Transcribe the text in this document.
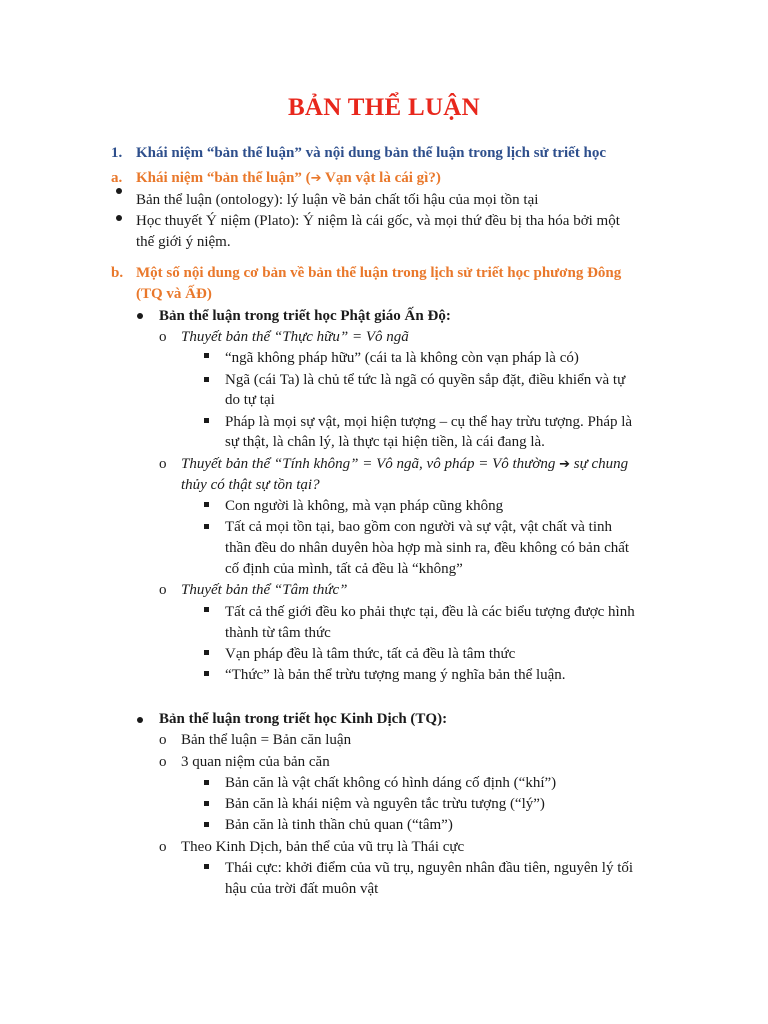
BẢN THỂ LUẬN
1. Khái niệm “bản thể luận” và nội dung bản thể luận trong lịch sử triết học
a. Khái niệm “bản thể luận” (➔ Vạn vật là cái gì?)
Bản thể luận (ontology): lý luận về bản chất tối hậu của mọi tồn tại
Học thuyết Ý niệm (Plato): Ý niệm là cái gốc, và mọi thứ đều bị tha hóa bởi một
thế giới ý niệm.
b. Một số nội dung cơ bản về bản thể luận trong lịch sử triết học phương Đông
(TQ và ẤĐ)
Bản thể luận trong triết học Phật giáo Ấn Độ:
o Thuyết bản thể “Thực hữu” = Vô ngã
“ngã không pháp hữu” (cái ta là không còn vạn pháp là có)
Ngã (cái Ta) là chủ tể tức là ngã có quyền sắp đặt, điều khiển và tự
do tự tại
Pháp là mọi sự vật, mọi hiện tượng – cụ thể hay trừu tượng. Pháp là
sự thật, là chân lý, là thực tại hiện tiền, là cái đang là.
o Thuyết bản thể “Tính không” = Vô ngã, vô pháp = Vô thường ➔ sự chung
thủy có thật sự tồn tại?
Con người là không, mà vạn pháp cũng không
Tất cả mọi tồn tại, bao gồm con người và sự vật, vật chất và tinh
thần đều do nhân duyên hòa hợp mà sinh ra, đều không có bản chất
cố định của mình, tất cả đều là “không”
o Thuyết bản thể “Tâm thức”
Tất cả thế giới đều ko phải thực tại, đều là các biểu tượng được hình
thành từ tâm thức
Vạn pháp đều là tâm thức, tất cả đều là tâm thức
“Thức” là bản thể trừu tượng mang ý nghĩa bản thể luận.
Bản thể luận trong triết học Kinh Dịch (TQ):
o Bản thể luận = Bản căn luận
o 3 quan niệm của bản căn
Bản căn là vật chất không có hình dáng cố định (“khí”)
Bản căn là khái niệm và nguyên tắc trừu tượng (“lý”)
Bản căn là tinh thần chủ quan (“tâm”)
o Theo Kinh Dịch, bản thể của vũ trụ là Thái cực
Thái cực: khởi điểm của vũ trụ, nguyên nhân đầu tiên, nguyên lý tối
hậu của trời đất muôn vật
